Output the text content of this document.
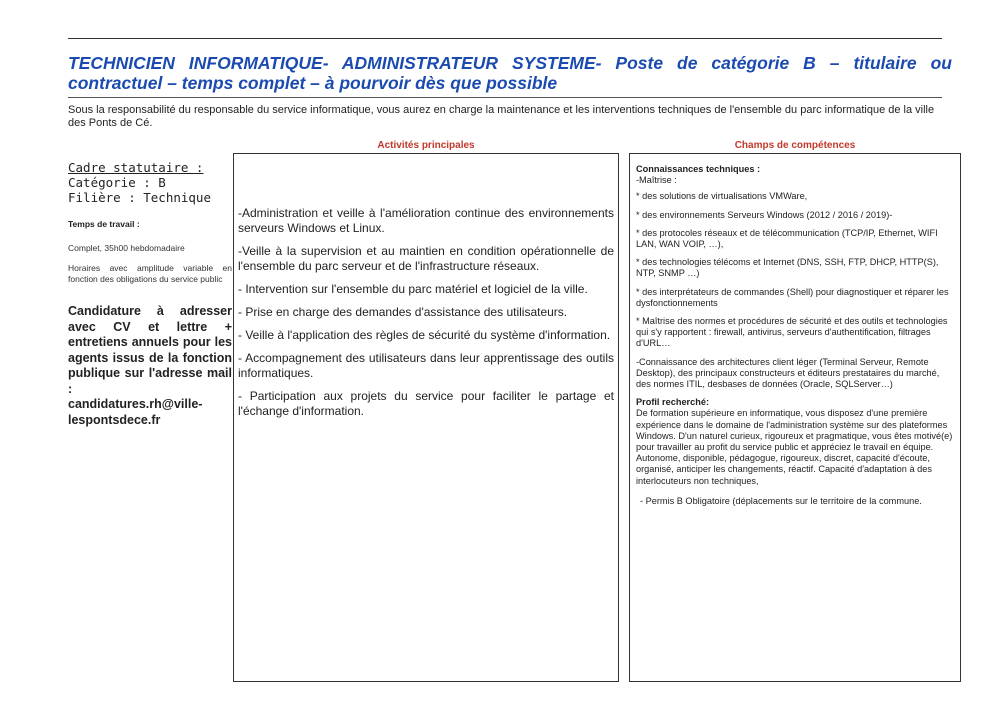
TECHNICIEN INFORMATIQUE- ADMINISTRATEUR SYSTEME- Poste de catégorie B – titulaire ou
contractuel – temps complet – à pourvoir dès que possible
Sous la responsabilité du responsable du service informatique, vous aurez en charge la maintenance et les interventions techniques de l'ensemble du parc informatique de la ville des Ponts de Cé.
Activités principales	Champs de compétences
Cadre statutaire :
Catégorie : B
Filière : Technique
Temps de travail :
Complet, 35h00 hebdomadaire
Horaires avec amplitude variable en fonction des obligations du service public
Candidature à adresser avec CV et lettre + entretiens annuels pour les agents issus de la fonction publique sur l'adresse mail :
candidatures.rh@ville-lespontsdece.fr
-Administration et veille à l'amélioration continue des environnements serveurs Windows et Linux.
-Veille à la supervision et au maintien en condition opérationnelle de l'ensemble du parc serveur et de l'infrastructure réseaux.
- Intervention sur l'ensemble du parc matériel et logiciel de la ville.
- Prise en charge des demandes d'assistance des utilisateurs.
- Veille à l'application des règles de sécurité du système d'information.
- Accompagnement des utilisateurs dans leur apprentissage des outils informatiques.
- Participation aux projets du service pour faciliter le partage et l'échange d'information.

Connaissances techniques :
-Maîtrise :

* des solutions de virtualisations VMWare,

* des environnements Serveurs Windows (2012 / 2016 / 2019)-

* des protocoles réseaux et de télécommunication (TCP/IP, Ethernet, WIFI LAN, WAN VOIP, …),

* des technologies télécoms et Internet (DNS, SSH, FTP, DHCP, HTTP(S), NTP, SNMP …)

* des interprétateurs de commandes (Shell) pour diagnostiquer et réparer les dysfonctionnements

* Maîtrise des normes et procédures de sécurité et des outils et technologies qui s'y rapportent : firewall, antivirus, serveurs d'authentification, filtrages d'URL…

-Connaissance des architectures client léger (Terminal Serveur, Remote Desktop), des principaux constructeurs et éditeurs prestataires du marché, des normes ITIL, desbases de données (Oracle, SQLServer…)

Profil recherché:
De formation supérieure en informatique, vous disposez d'une première expérience dans le domaine de l'administration système sur des plateformes Windows. D'un naturel curieux, rigoureux et pragmatique, vous êtes motivé(e) pour travailler au profit du service public et appréciez le travail en équipe. Autonome, disponible, pédagogue, rigoureux, discret, capacité d'écoute, organisé, anticiper les changements, réactif. Capacité d'adaptation à des interlocuteurs non techniques,

- Permis B Obligatoire (déplacements sur le territoire de la commune.
